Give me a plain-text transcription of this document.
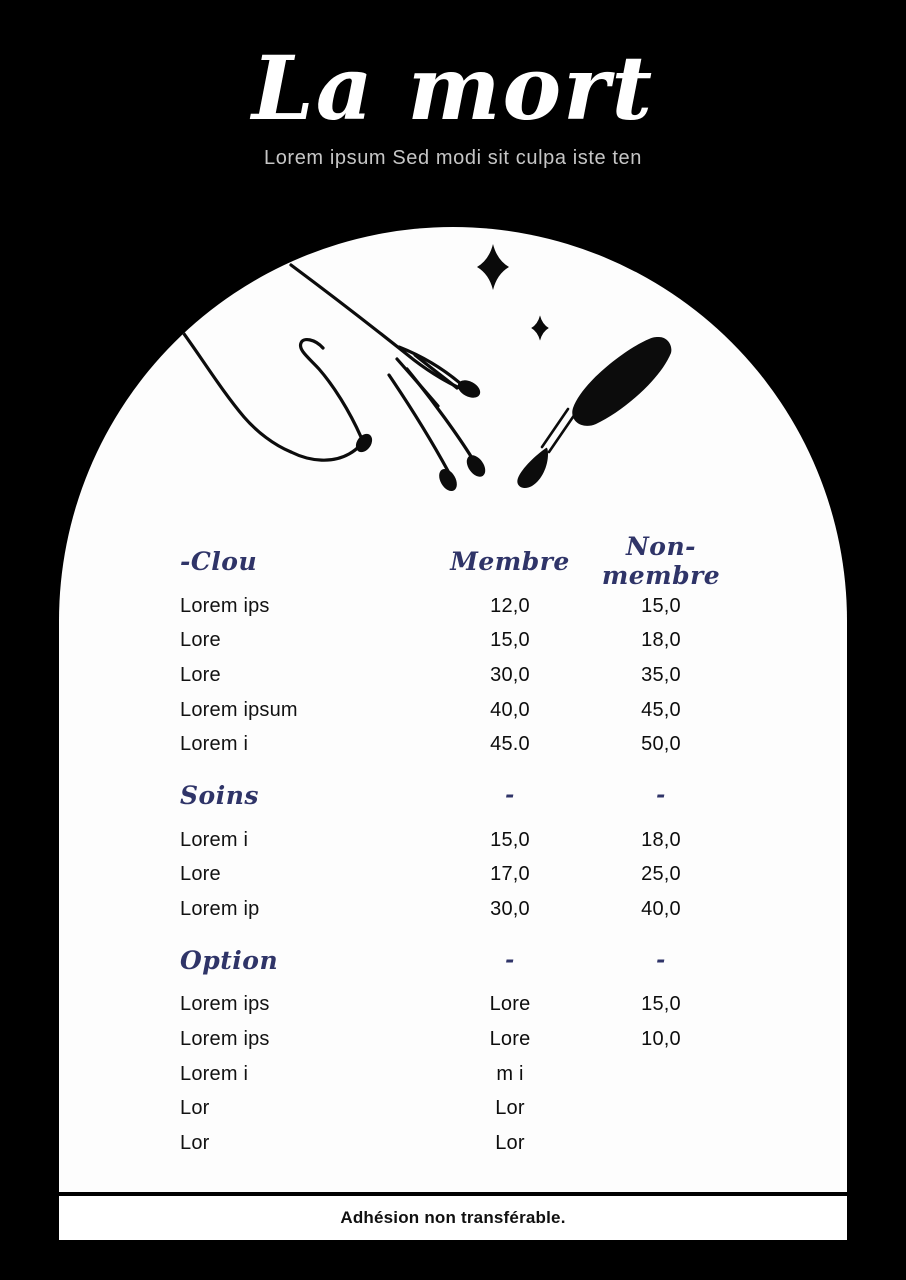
La mort
Lorem ipsum Sed modi sit culpa iste ten
-Clou	Membre	Non-membre
Lorem ips	12,0	15,0
Lore	15,0	18,0
Lore	30,0	35,0
Lorem ipsum	40,0	45,0
Lorem i	45.0	50,0
Soins	-	-
Lorem i	15,0	18,0
Lore	17,0	25,0
Lorem ip	30,0	40,0
Option	-	-
Lorem ips	Lore	15,0
Lorem ips	Lore	10,0
Lorem i	m i
Lor	Lor
Lor	Lor
Adhésion non transférable.
